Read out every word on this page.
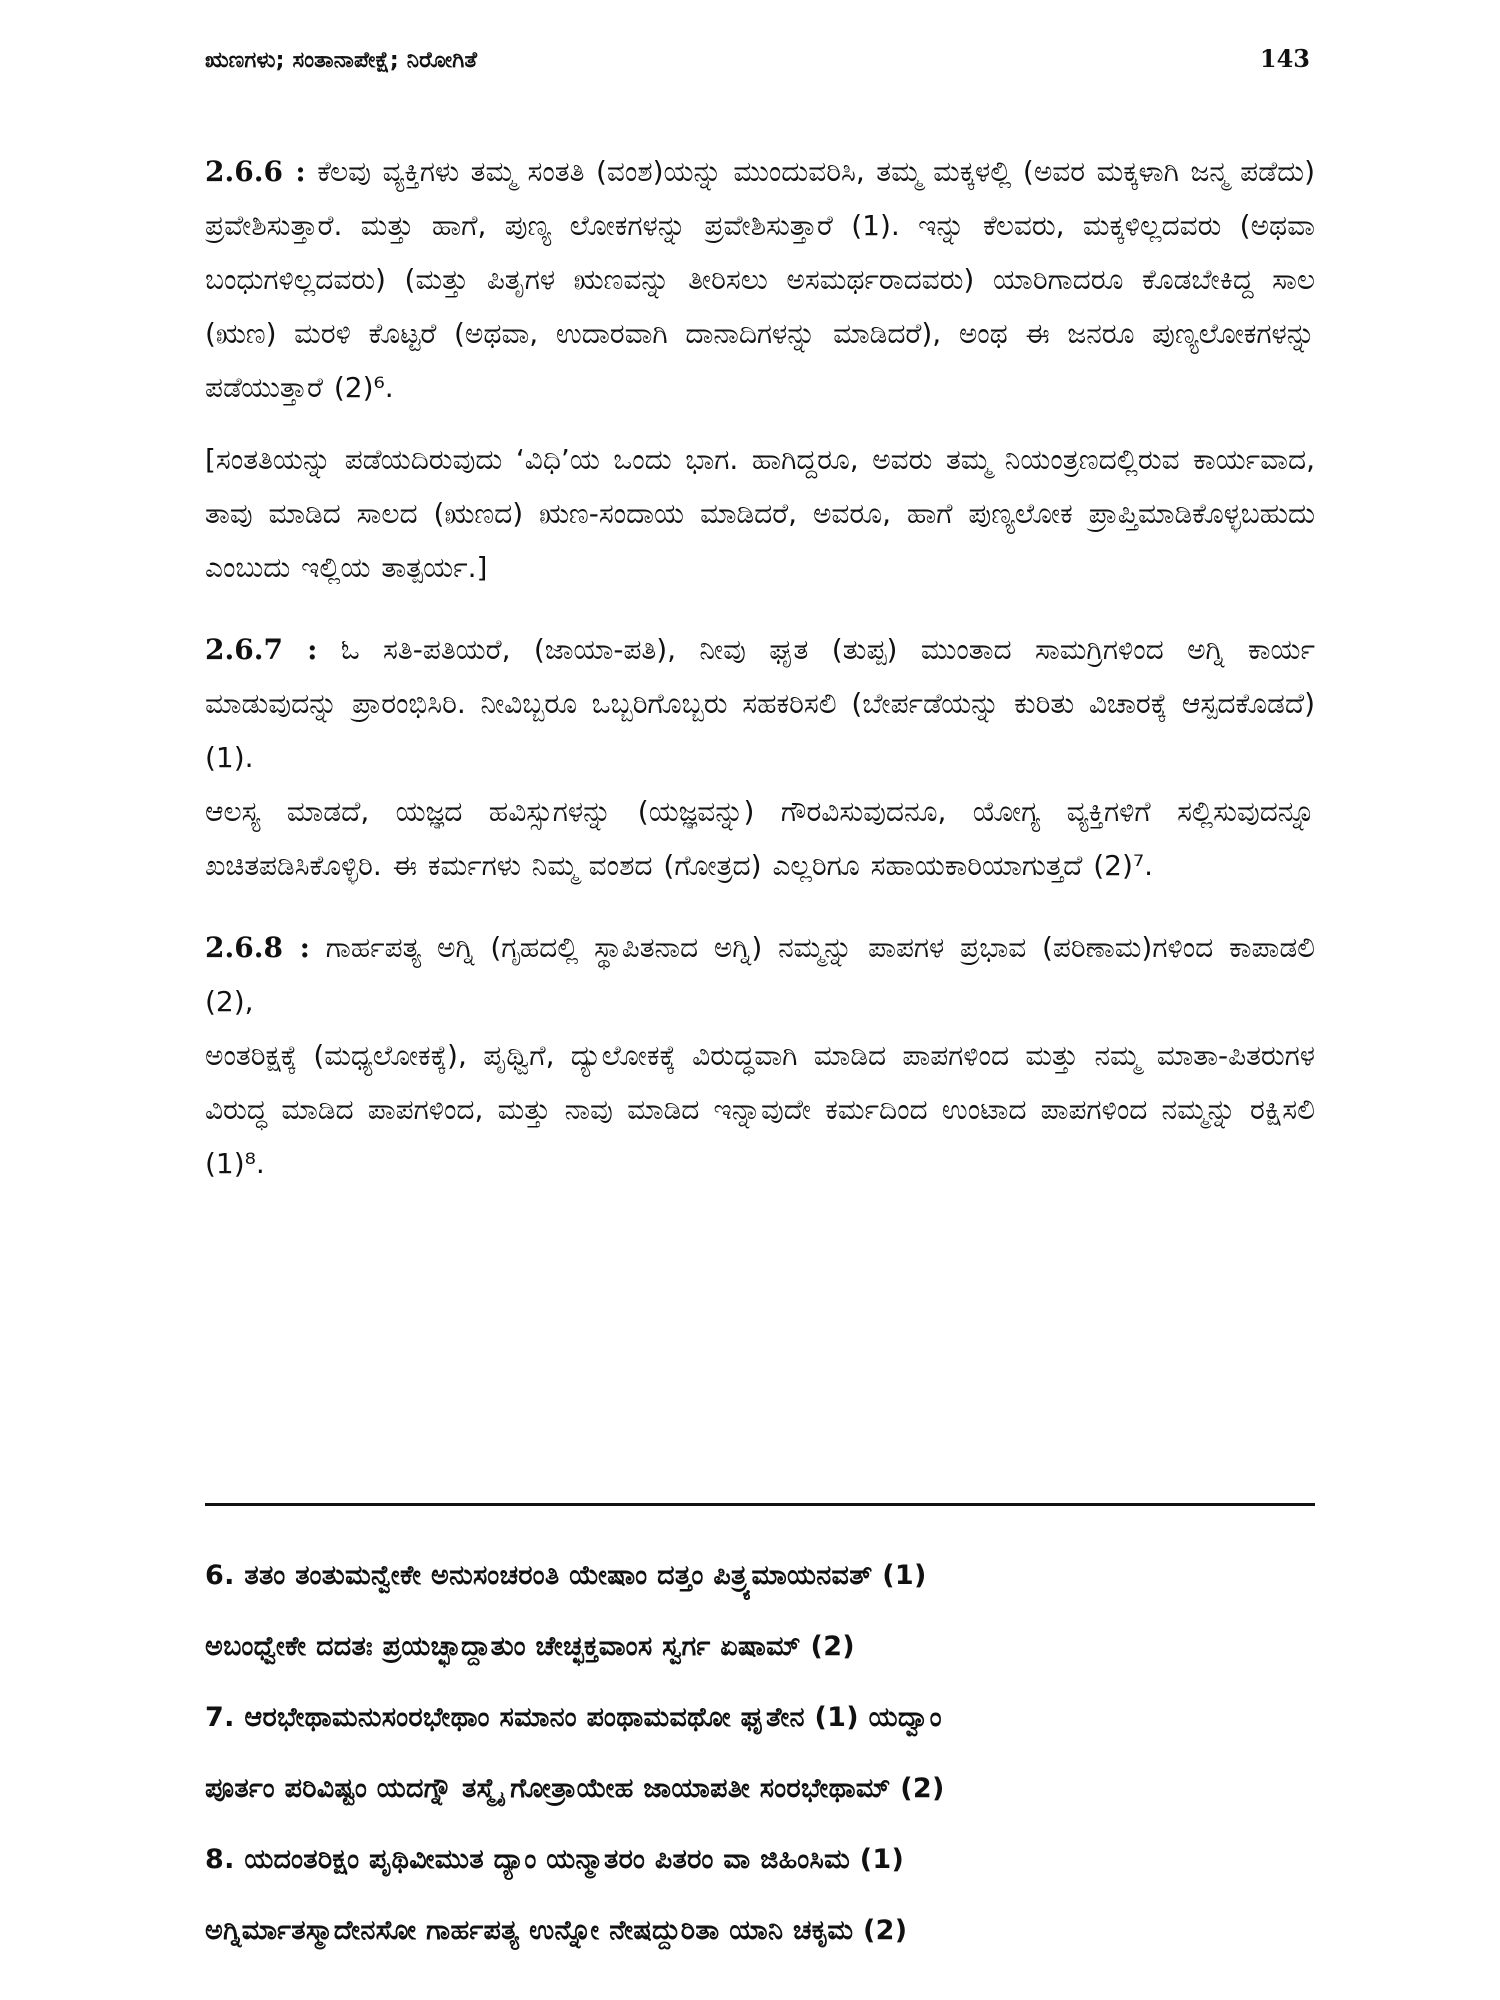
ಋಣಗಳು; ಸಂತಾನಾಪೇಕ್ಷೆ; ನಿರೋಗಿತೆ	143
2.6.6 : ಕೆಲವು ವ್ಯಕ್ತಿಗಳು ತಮ್ಮ ಸಂತತಿ (ವಂಶ)ಯನ್ನು ಮುಂದುವರಿಸಿ, ತಮ್ಮ ಮಕ್ಕಳಲ್ಲಿ (ಅವರ ಮಕ್ಕಳಾಗಿ ಜನ್ಮ ಪಡೆದು) ಪ್ರವೇಶಿಸುತ್ತಾರೆ. ಮತ್ತು ಹಾಗೆ, ಪುಣ್ಯ ಲೋಕಗಳನ್ನು ಪ್ರವೇಶಿಸುತ್ತಾರೆ (1). ಇನ್ನು ಕೆಲವರು, ಮಕ್ಕಳಿಲ್ಲದವರು (ಅಥವಾ ಬಂಧುಗಳಿಲ್ಲದವರು) (ಮತ್ತು ಪಿತೃಗಳ ಋಣವನ್ನು ತೀರಿಸಲು ಅಸಮರ್ಥರಾದವರು) ಯಾರಿಗಾದರೂ ಕೊಡಬೇಕಿದ್ದ ಸಾಲ (ಋಣ) ಮರಳಿ ಕೊಟ್ಟರೆ (ಅಥವಾ, ಉದಾರವಾಗಿ ದಾನಾದಿಗಳನ್ನು ಮಾಡಿದರೆ), ಅಂಥ ಈ ಜನರೂ ಪುಣ್ಯಲೋಕಗಳನ್ನು ಪಡೆಯುತ್ತಾರೆ (2)⁶.
[ಸಂತತಿಯನ್ನು ಪಡೆಯದಿರುವುದು ‘ವಿಧಿ’ಯ ಒಂದು ಭಾಗ. ಹಾಗಿದ್ದರೂ, ಅವರು ತಮ್ಮ ನಿಯಂತ್ರಣದಲ್ಲಿರುವ ಕಾರ್ಯವಾದ, ತಾವು ಮಾಡಿದ ಸಾಲದ (ಋಣದ) ಋಣ-ಸಂದಾಯ ಮಾಡಿದರೆ, ಅವರೂ, ಹಾಗೆ ಪುಣ್ಯಲೋಕ ಪ್ರಾಪ್ತಿಮಾಡಿಕೊಳ್ಳಬಹುದು ಎಂಬುದು ಇಲ್ಲಿಯ ತಾತ್ಪರ್ಯ.]

2.6.7 : ಓ ಸತಿ-ಪತಿಯರೆ, (ಜಾಯಾ-ಪತಿ), ನೀವು ಘೃತ (ತುಪ್ಪ) ಮುಂತಾದ ಸಾಮಗ್ರಿಗಳಿಂದ ಅಗ್ನಿ ಕಾರ್ಯ ಮಾಡುವುದನ್ನು ಪ್ರಾರಂಭಿಸಿರಿ. ನೀವಿಬ್ಬರೂ ಒಬ್ಬರಿಗೊಬ್ಬರು ಸಹಕರಿಸಲಿ (ಬೇರ್ಪಡೆಯನ್ನು ಕುರಿತು ವಿಚಾರಕ್ಕೆ ಆಸ್ಪದಕೊಡದೆ) (1).

ಆಲಸ್ಯ ಮಾಡದೆ, ಯಜ್ಞದ ಹವಿಸ್ಸುಗಳನ್ನು (ಯಜ್ಞವನ್ನು) ಗೌರವಿಸುವುದನೂ, ಯೋಗ್ಯ ವ್ಯಕ್ತಿಗಳಿಗೆ ಸಲ್ಲಿಸುವುದನ್ನೂ ಖಚಿತಪಡಿಸಿಕೊಳ್ಳಿರಿ. ಈ ಕರ್ಮಗಳು ನಿಮ್ಮ ವಂಶದ (ಗೋತ್ರದ) ಎಲ್ಲರಿಗೂ ಸಹಾಯಕಾರಿಯಾಗುತ್ತದೆ (2)⁷.

2.6.8 : ಗಾರ್ಹಪತ್ಯ ಅಗ್ನಿ (ಗೃಹದಲ್ಲಿ ಸ್ಥಾಪಿತನಾದ ಅಗ್ನಿ) ನಮ್ಮನ್ನು ಪಾಪಗಳ ಪ್ರಭಾವ (ಪರಿಣಾಮ)ಗಳಿಂದ ಕಾಪಾಡಲಿ (2),

ಅಂತರಿಕ್ಷಕ್ಕೆ (ಮಧ್ಯಲೋಕಕ್ಕೆ), ಪೃಥ್ವಿಗೆ, ದ್ಯುಲೋಕಕ್ಕೆ ವಿರುದ್ಧವಾಗಿ ಮಾಡಿದ ಪಾಪಗಳಿಂದ ಮತ್ತು ನಮ್ಮ ಮಾತಾ-ಪಿತರುಗಳ ವಿರುದ್ಧ ಮಾಡಿದ ಪಾಪಗಳಿಂದ, ಮತ್ತು ನಾವು ಮಾಡಿದ ಇನ್ನಾವುದೇ ಕರ್ಮದಿಂದ ಉಂಟಾದ ಪಾಪಗಳಿಂದ ನಮ್ಮನ್ನು ರಕ್ಷಿಸಲಿ (1)⁸.

6. ತತಂ ತಂತುಮನ್ವೇಕೇ ಅನುಸಂಚರಂತಿ ಯೇಷಾಂ ದತ್ತಂ ಪಿತ್ರ್ಯಮಾಯನವತ್ (1)
ಅಬಂಧ್ವೇಕೇ ದದತಃ ಪ್ರಯಚ್ಛಾದ್ದಾತುಂ ಚೇಚ್ಛಕ್ತವಾಂಸ ಸ್ವರ್ಗ ಏಷಾಮ್ (2)
7. ಆರಭೇಥಾಮನುಸಂರಭೇಥಾಂ ಸಮಾನಂ ಪಂಥಾಮವಥೋ ಘೃತೇನ (1) ಯದ್ವಾಂ
ಪೂರ್ತಂ ಪರಿವಿಷ್ಟಂ ಯದಗ್ನೌ ತಸ್ಮೈ ಗೋತ್ರಾಯೇಹ ಜಾಯಾಪತೀ ಸಂರಭೇಥಾಮ್ (2)
8. ಯದಂತರಿಕ್ಷಂ ಪೃಥಿವೀಮುತ ದ್ಯಾಂ ಯನ್ಮಾತರಂ ಪಿತರಂ ವಾ ಜಿಹಿಂಸಿಮ (1)
ಅಗ್ನಿರ್ಮಾತಸ್ಮಾದೇನಸೋ ಗಾರ್ಹಪತ್ಯ ಉನ್ನೋ ನೇಷದ್ದುರಿತಾ ಯಾನಿ ಚಕೃಮ (2)
